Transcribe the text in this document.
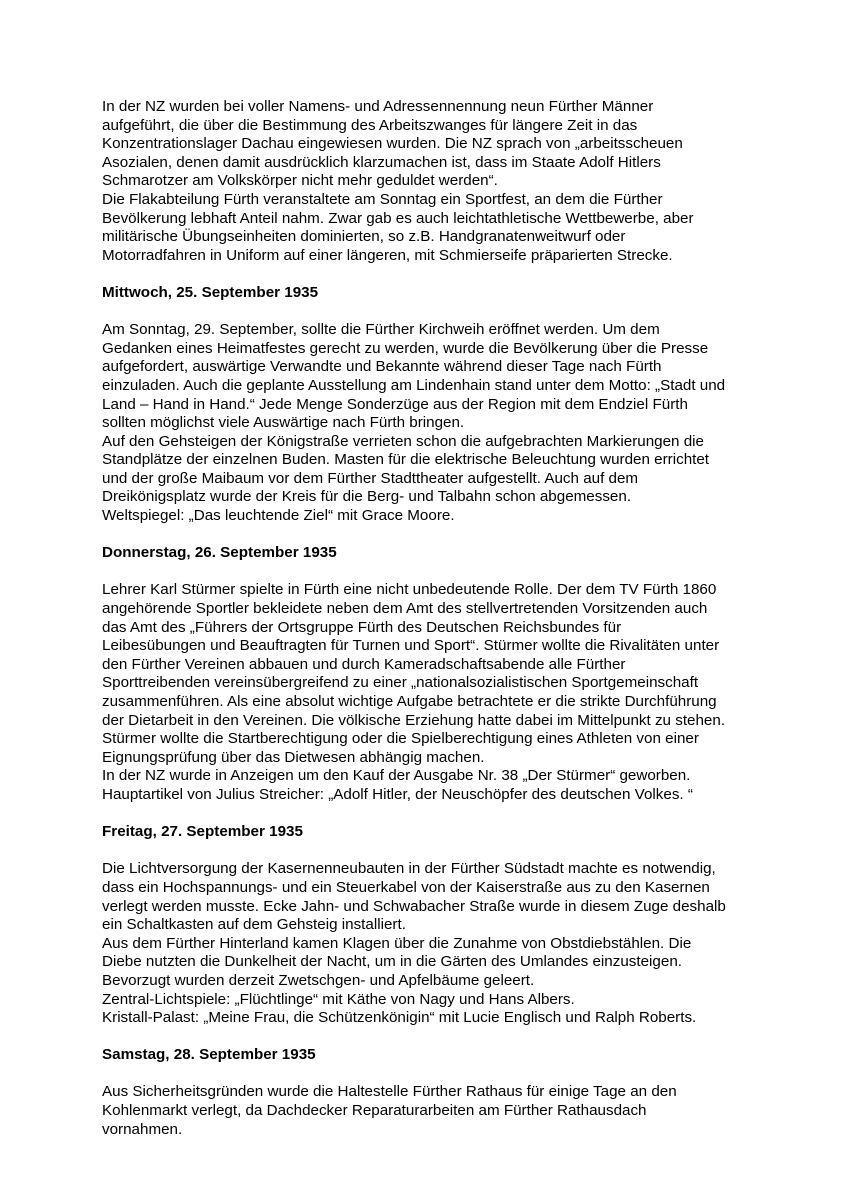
In der NZ wurden bei voller Namens- und Adressennennung neun Fürther Männer
aufgeführt, die über die Bestimmung des Arbeitszwanges für längere Zeit in das
Konzentrationslager Dachau eingewiesen wurden. Die NZ sprach von „arbeitsscheuen
Asozialen, denen damit ausdrücklich klarzumachen ist, dass im Staate Adolf Hitlers
Schmarotzer am Volkskörper nicht mehr geduldet werden“.

Die Flakabteilung Fürth veranstaltete am Sonntag ein Sportfest, an dem die Fürther
Bevölkerung lebhaft Anteil nahm. Zwar gab es auch leichtathletische Wettbewerbe, aber
militärische Übungseinheiten dominierten, so z.B. Handgranatenweitwurf oder
Motorradfahren in Uniform auf einer längeren, mit Schmierseife präparierten Strecke.

Mittwoch, 25. September 1935

Am Sonntag, 29. September, sollte die Fürther Kirchweih eröffnet werden. Um dem
Gedanken eines Heimatfestes gerecht zu werden, wurde die Bevölkerung über die Presse
aufgefordert, auswärtige Verwandte und Bekannte während dieser Tage nach Fürth
einzuladen. Auch die geplante Ausstellung am Lindenhain stand unter dem Motto: „Stadt und
Land – Hand in Hand.“ Jede Menge Sonderzüge aus der Region mit dem Endziel Fürth
sollten möglichst viele Auswärtige nach Fürth bringen.

Auf den Gehsteigen der Königstraße verrieten schon die aufgebrachten Markierungen die
Standplätze der einzelnen Buden. Masten für die elektrische Beleuchtung wurden errichtet
und der große Maibaum vor dem Fürther Stadttheater aufgestellt. Auch auf dem
Dreikönigsplatz wurde der Kreis für die Berg- und Talbahn schon abgemessen.

Weltspiegel: „Das leuchtende Ziel“ mit Grace Moore.

Donnerstag, 26. September 1935

Lehrer Karl Stürmer spielte in Fürth eine nicht unbedeutende Rolle. Der dem TV Fürth 1860
angehörende Sportler bekleidete neben dem Amt des stellvertretenden Vorsitzenden auch
das Amt des „Führers der Ortsgruppe Fürth des Deutschen Reichsbundes für
Leibesübungen und Beauftragten für Turnen und Sport“. Stürmer wollte die Rivalitäten unter
den Fürther Vereinen abbauen und durch Kameradschaftsabende alle Fürther
Sporttreibenden vereinsübergreifend zu einer „nationalsozialistischen Sportgemeinschaft
zusammenführen. Als eine absolut wichtige Aufgabe betrachtete er die strikte Durchführung
der Dietarbeit in den Vereinen. Die völkische Erziehung hatte dabei im Mittelpunkt zu stehen.
Stürmer wollte die Startberechtigung oder die Spielberechtigung eines Athleten von einer
Eignungsprüfung über das Dietwesen abhängig machen.

In der NZ wurde in Anzeigen um den Kauf der Ausgabe Nr. 38 „Der Stürmer“ geworben.
Hauptartikel von Julius Streicher: „Adolf Hitler, der Neuschöpfer des deutschen Volkes. “

Freitag, 27. September 1935

Die Lichtversorgung der Kasernenneubauten in der Fürther Südstadt machte es notwendig,
dass ein Hochspannungs- und ein Steuerkabel von der Kaiserstraße aus zu den Kasernen
verlegt werden musste. Ecke Jahn- und Schwabacher Straße wurde in diesem Zuge deshalb
ein Schaltkasten auf dem Gehsteig installiert.

Aus dem Fürther Hinterland kamen Klagen über die Zunahme von Obstdiebstählen. Die
Diebe nutzten die Dunkelheit der Nacht, um in die Gärten des Umlandes einzusteigen.
Bevorzugt wurden derzeit Zwetschgen- und Apfelbäume geleert.

Zentral-Lichtspiele: „Flüchtlinge“ mit Käthe von Nagy und Hans Albers.

Kristall-Palast: „Meine Frau, die Schützenkönigin“ mit Lucie Englisch und Ralph Roberts.

Samstag, 28. September 1935

Aus Sicherheitsgründen wurde die Haltestelle Fürther Rathaus für einige Tage an den
Kohlenmarkt verlegt, da Dachdecker Reparaturarbeiten am Fürther Rathausdach
vornahmen.
